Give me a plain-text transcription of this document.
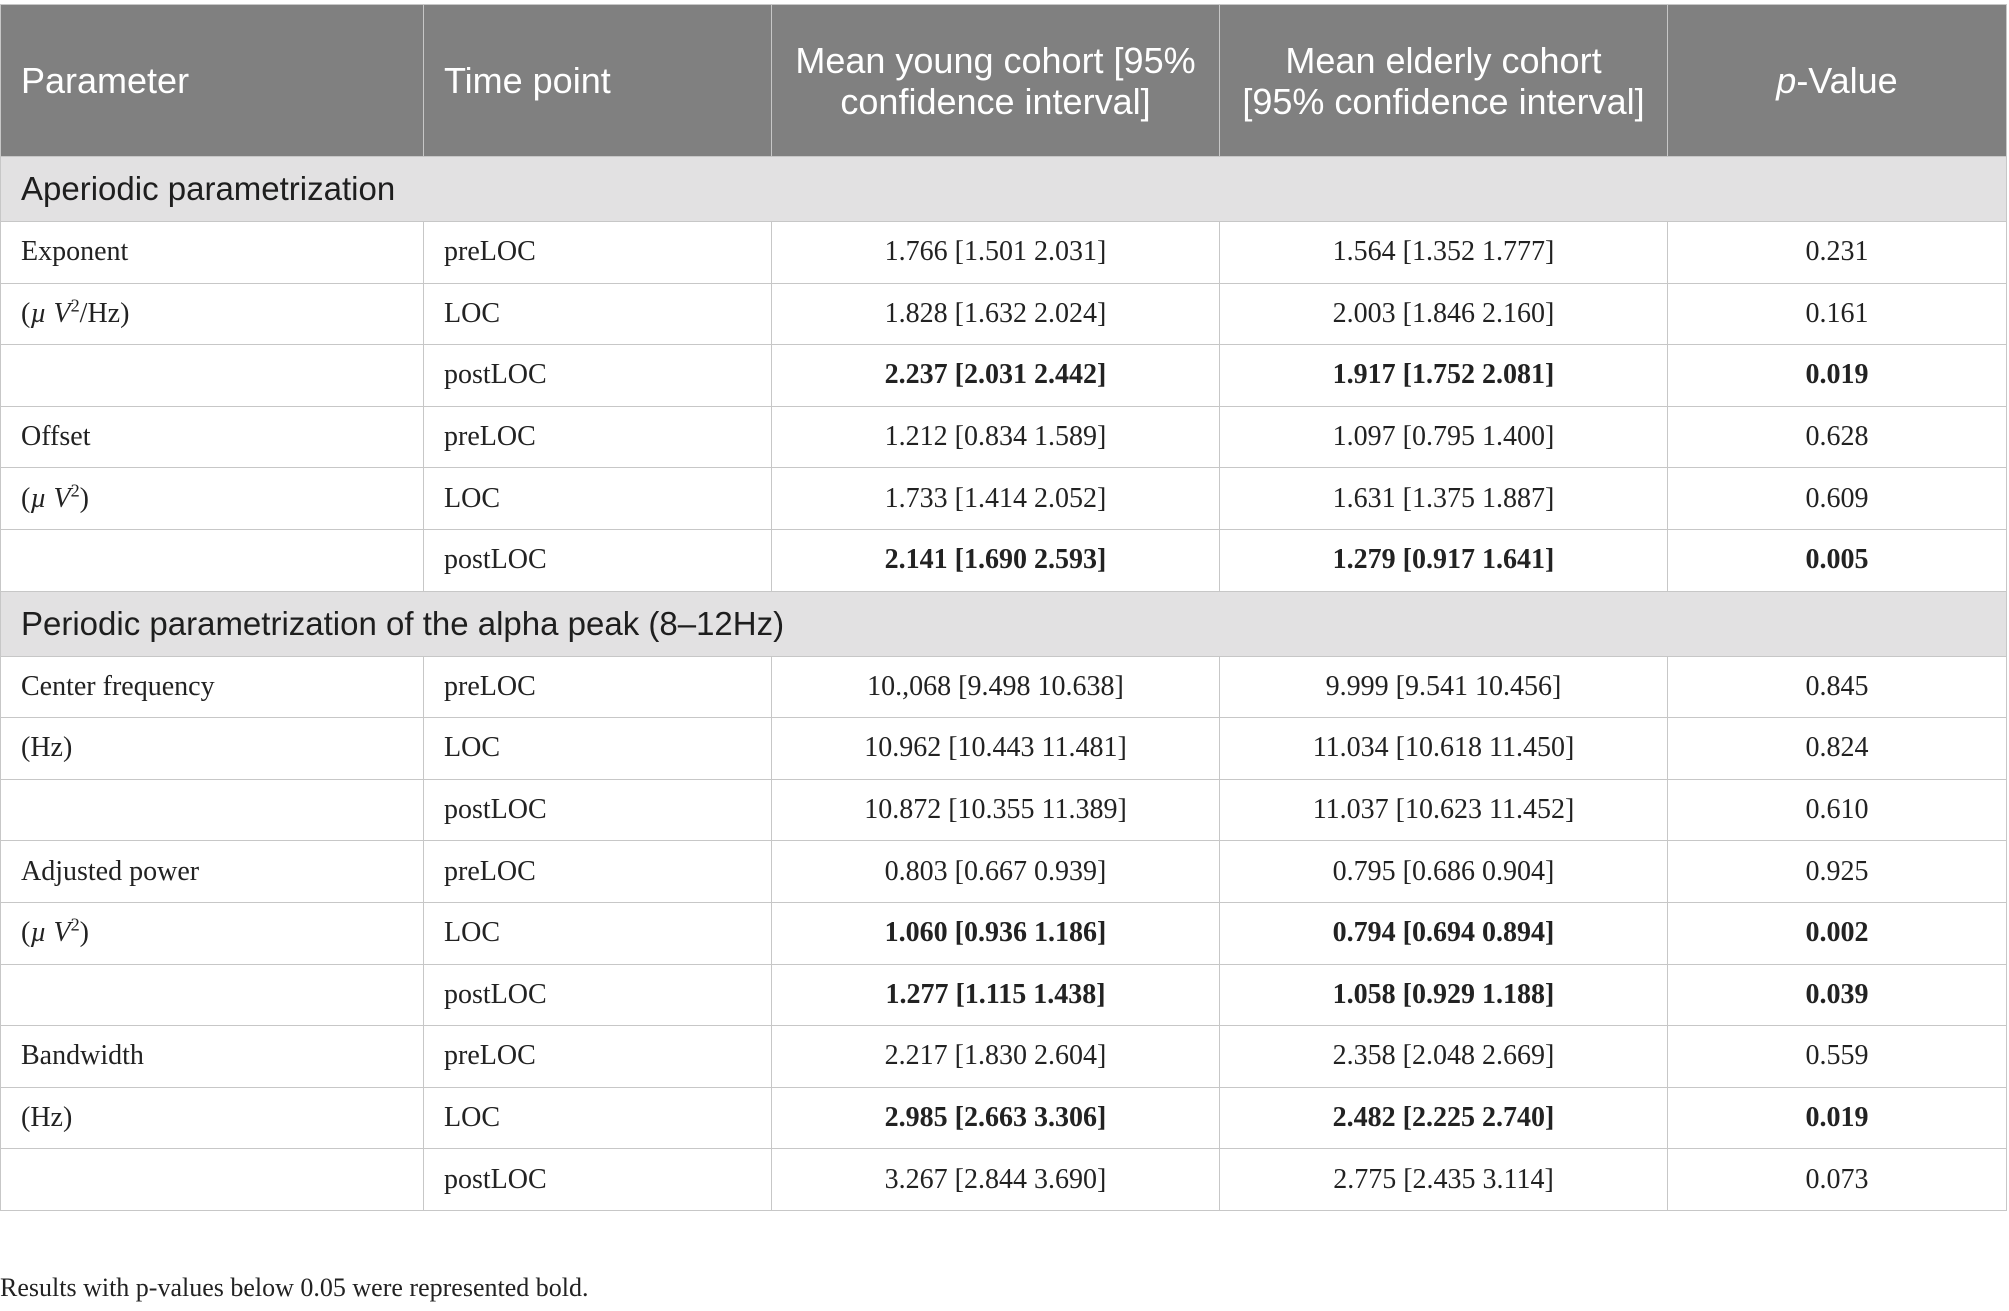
Parameter	Time point	Mean young cohort [95% confidence interval]	Mean elderly cohort [95% confidence interval]	p-Value
Aperiodic parametrization				
Exponent	preLOC	1.766 [1.501 2.031]	1.564 [1.352 1.777]	0.231
(µ $V^2/Hz$)	LOC	1.828 [1.632 2.024]	2.003 [1.846 2.160]	0.161
	postLOC	2.237 [2.031 2.442]	1.917 [1.752 2.081]	0.019
Offset	preLOC	1.212 [0.834 1.589]	1.097 [0.795 1.400]	0.628
(µ $V^2$)	LOC	1.733 [1.414 2.052]	1.631 [1.375 1.887]	0.609
	postLOC	2.141 [1.690 2.593]	1.279 [0.917 1.641]	0.005
Periodic parametrization of the alpha peak (8–12Hz)				
Center frequency	preLOC	10.,068 [9.498 10.638]	9.999 [9.541 10.456]	0.845
(Hz)	LOC	10.962 [10.443 11.481]	11.034 [10.618 11.450]	0.824
	postLOC	10.872 [10.355 11.389]	11.037 [10.623 11.452]	0.610
Adjusted power	preLOC	0.803 [0.667 0.939]	0.795 [0.686 0.904]	0.925
(µ $V^2$)	LOC	1.060 [0.936 1.186]	0.794 [0.694 0.894]	0.002
	postLOC	1.277 [1.115 1.438]	1.058 [0.929 1.188]	0.039
Bandwidth	preLOC	2.217 [1.830 2.604]	2.358 [2.048 2.669]	0.559
(Hz)	LOC	2.985 [2.663 3.306]	2.482 [2.225 2.740]	0.019
	postLOC	3.267 [2.844 3.690]	2.775 [2.435 3.114]	0.073
Results with p-values below 0.05 were represented bold.
